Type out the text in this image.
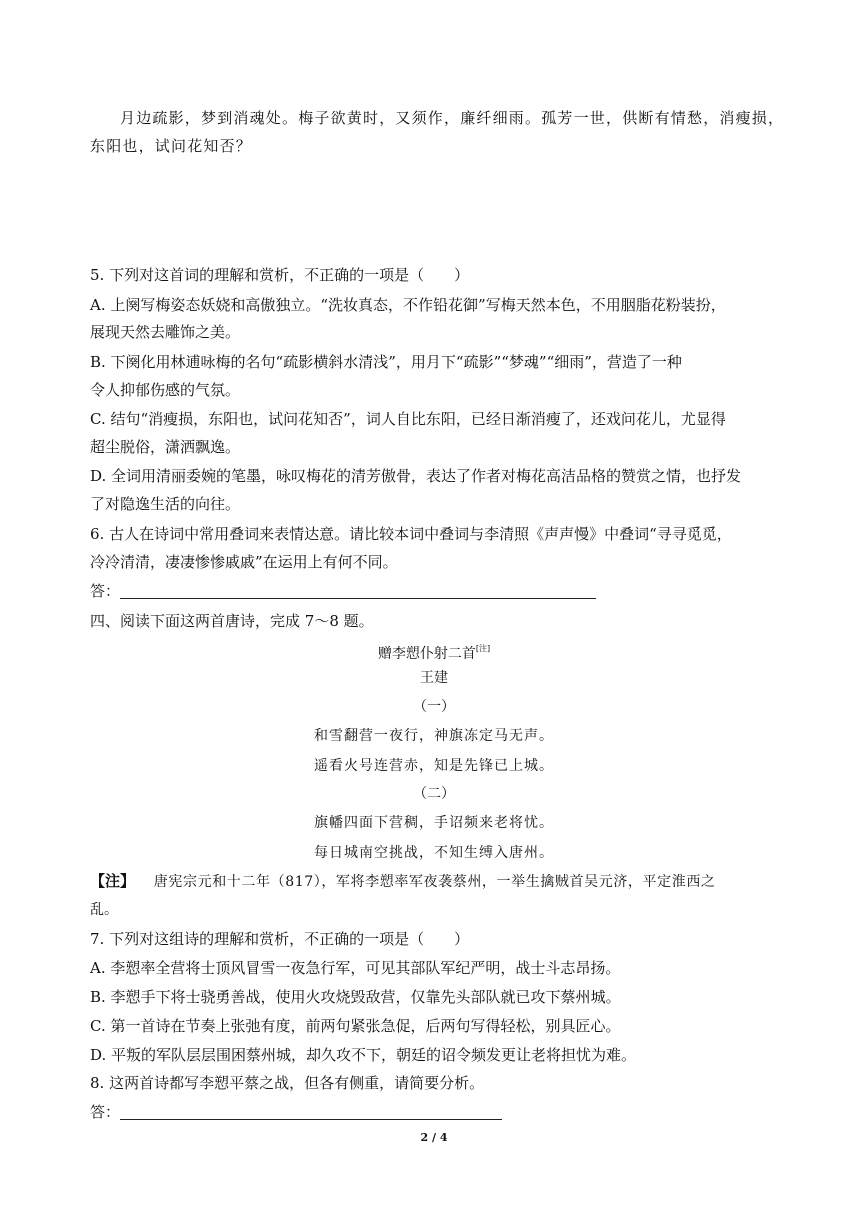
月边疏影，梦到消魂处。梅子欲黄时，又须作，廉纤细雨。孤芳一世，供断有情愁，消瘦损，
东阳也，试问花知否？
5. 下列对这首词的理解和赏析，不正确的一项是（　　）
A. 上阕写梅姿态妖娆和高傲独立。“洗妆真态，不作铅花御”写梅天然本色，不用胭脂花粉装扮，
展现天然去雕饰之美。
B. 下阕化用林逋咏梅的名句“疏影横斜水清浅”，用月下“疏影”“梦魂”“细雨”，营造了一种
令人抑郁伤感的气氛。
C. 结句“消瘦损，东阳也，试问花知否”，词人自比东阳，已经日渐消瘦了，还戏问花儿，尤显得
超尘脱俗，潇洒飘逸。
D. 全词用清丽委婉的笔墨，咏叹梅花的清芳傲骨，表达了作者对梅花高洁品格的赞赏之情，也抒发
了对隐逸生活的向往。
6. 古人在诗词中常用叠词来表情达意。请比较本词中叠词与李清照《声声慢》中叠词“寻寻觅觅，
冷冷清清，凄凄惨惨戚戚”在运用上有何不同。
答：
四、阅读下面这两首唐诗，完成 7～8 题。
赠李愬仆射二首[注]
王建
（一）
和雪翻营一夜行，神旗冻定马无声。
遥看火号连营赤，知是先锋已上城。
（二）
旗幡四面下营稠，手诏频来老将忧。
每日城南空挑战，不知生缚入唐州。
【注】 唐宪宗元和十二年（817），军将李愬率军夜袭蔡州，一举生擒贼首吴元济，平定淮西之
乱。
7. 下列对这组诗的理解和赏析，不正确的一项是（　　）
A. 李愬率全营将士顶风冒雪一夜急行军，可见其部队军纪严明，战士斗志昂扬。
B. 李愬手下将士骁勇善战，使用火攻烧毁敌营，仅靠先头部队就已攻下蔡州城。
C. 第一首诗在节奏上张弛有度，前两句紧张急促，后两句写得轻松，别具匠心。
D. 平叛的军队层层围困蔡州城，却久攻不下，朝廷的诏令频发更让老将担忧为难。
8. 这两首诗都写李愬平蔡之战，但各有侧重，请简要分析。
答：
2 / 4
